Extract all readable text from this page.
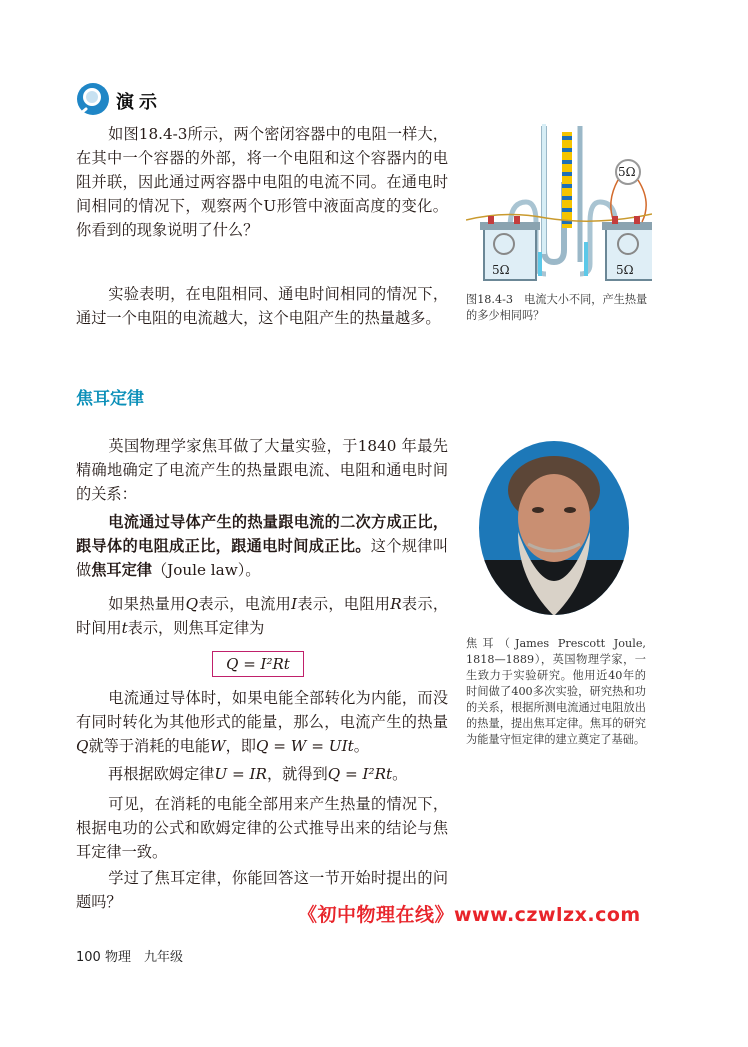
演示

如图18.4-3所示，两个密闭容器中的电阻一样大，在其中一个容器的外部，将一个电阻和这个容器内的电阻并联，因此通过两容器中电阻的电流不同。在通电时间相同的情况下，观察两个U形管中液面高度的变化。你看到的现象说明了什么？

实验表明，在电阻相同、通电时间相同的情况下，通过一个电阻的电流越大，这个电阻产生的热量越多。

5Ω	5Ω
5Ω
图18.4-3　电流大小不同，产生热量的多少相同吗？
焦耳定律

英国物理学家焦耳做了大量实验，于1840 年最先精确地确定了电流产生的热量跟电流、电阻和通电时间的关系：

电流通过导体产生的热量跟电流的二次方成正比，跟导体的电阻成正比，跟通电时间成正比。这个规律叫做焦耳定律（Joule law）。

如果热量用Q表示，电流用I表示，电阻用R表示，时间用t表示，则焦耳定律为

Q = I²Rt

电流通过导体时，如果电能全部转化为内能，而没有同时转化为其他形式的能量，那么，电流产生的热量Q就等于消耗的电能W，即Q = W = UIt。

再根据欧姆定律U = IR，就得到Q = I²Rt。

可见，在消耗的电能全部用来产生热量的情况下，根据电功的公式和欧姆定律的公式推导出来的结论与焦耳定律一致。

学过了焦耳定律，你能回答这一节开始时提出的问题吗？

焦耳（James Prescott Joule, 1818—1889），英国物理学家，一生致力于实验研究。他用近40年的时间做了400多次实验，研究热和功的关系，根据所测电流通过电阻放出的热量，提出焦耳定律。焦耳的研究为能量守恒定律的建立奠定了基础。
《初中物理在线》www.czwlzx.com
100 物理　九年级
